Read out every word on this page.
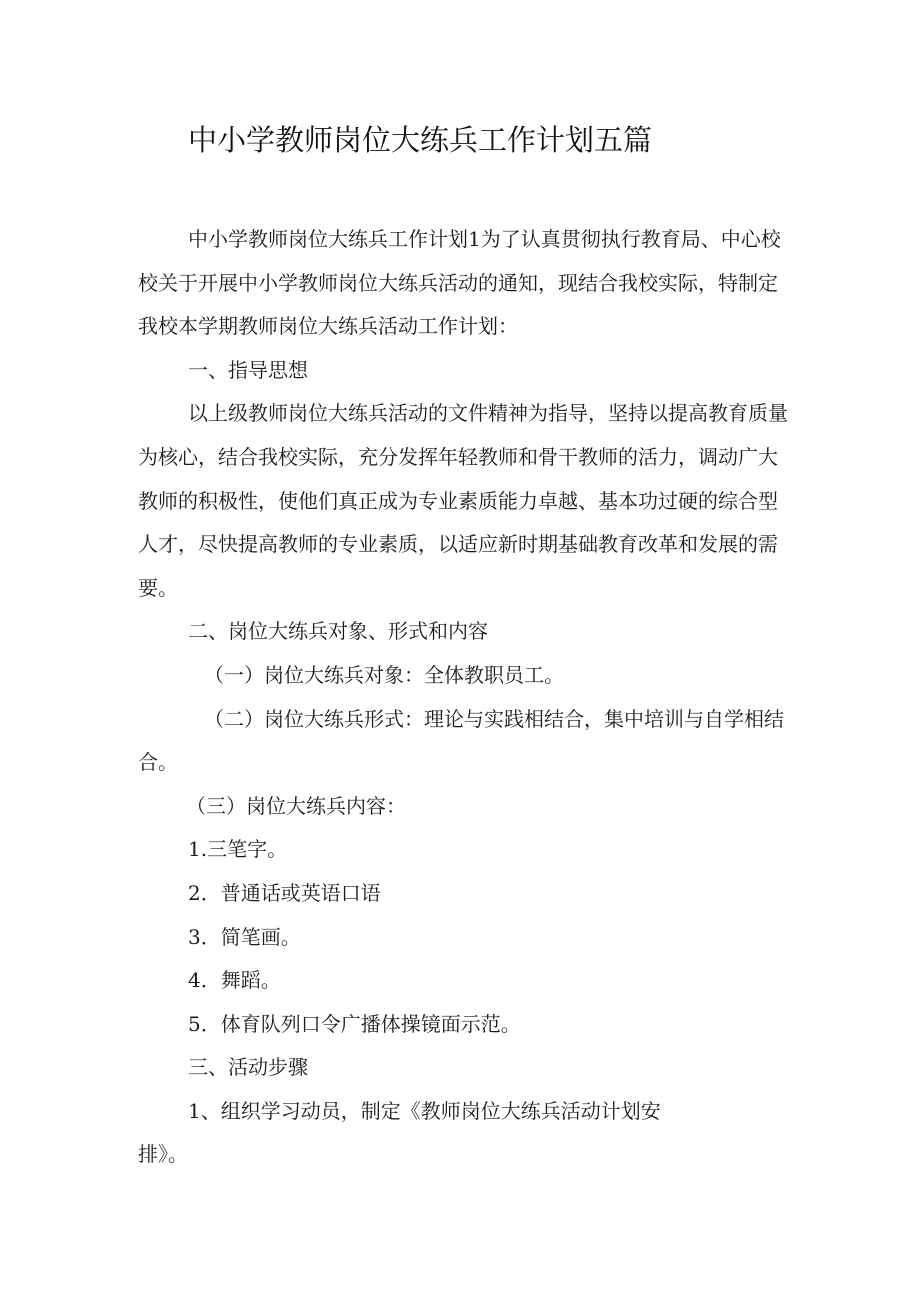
中小学教师岗位大练兵工作计划五篇

中小学教师岗位大练兵工作计划1为了认真贯彻执行教育局、中心校校关于开展中小学教师岗位大练兵活动的通知，现结合我校实际，特制定我校本学期教师岗位大练兵活动工作计划：

一、指导思想

以上级教师岗位大练兵活动的文件精神为指导，坚持以提高教育质量为核心，结合我校实际，充分发挥年轻教师和骨干教师的活力，调动广大教师的积极性，使他们真正成为专业素质能力卓越、基本功过硬的综合型人才，尽快提高教师的专业素质，以适应新时期基础教育改革和发展的需要。

二、岗位大练兵对象、形式和内容

（一）岗位大练兵对象：全体教职员工。

（二）岗位大练兵形式：理论与实践相结合，集中培训与自学相结合。

（三）岗位大练兵内容：

1.三笔字。

2．普通话或英语口语

3．简笔画。

4．舞蹈。

5．体育队列口令广播体操镜面示范。

三、活动步骤

1、组织学习动员，制定《教师岗位大练兵活动计划安排》。
